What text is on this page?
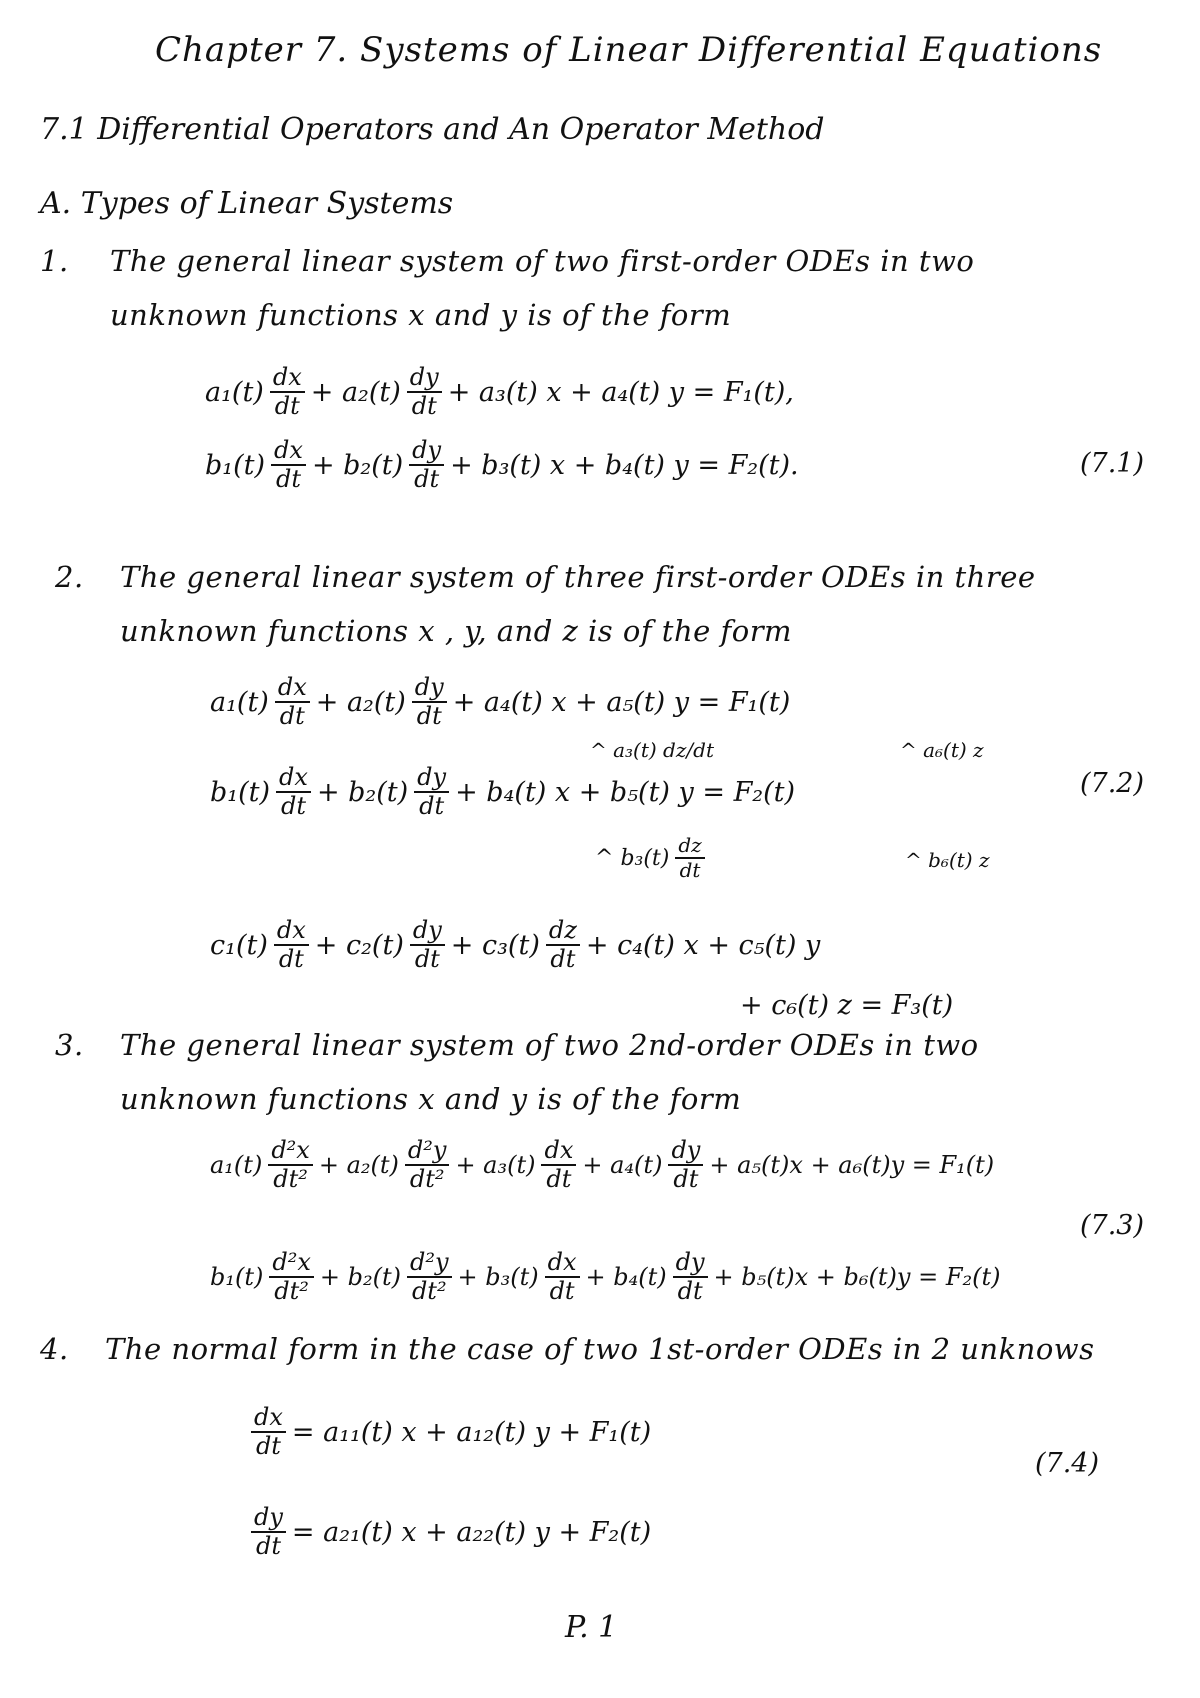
Chapter 7. Systems of Linear Differential Equations
7.1 Differential Operators and An Operator Method
A. Types of Linear Systems
1. The general linear system of two first-order ODEs in two
unknown functions x and y is of the form
$a_1(t) \frac{dx}{dt} + a_2(t) \frac{dy}{dt} + a_3(t) x + a_4(t) y = F_1(t)$,
$b_1(t) \frac{dx}{dt} + b_2(t) \frac{dy}{dt} + b_3(t) x + b_4(t) y = F_2(t)$.	(7.1)
2. The general linear system of three first-order ODEs in three
unknown functions x , y, and z is of the form
$a_1(t) \frac{dx}{dt} + a_2(t) \frac{dy}{dt} + a_4(t) x + a_5(t) y = F_1(t)$
^ a₃(t) dz/dt	^ a₆(t) z
$b_1(t) \frac{dx}{dt} + b_2(t) \frac{dy}{dt} + b_4(t) x + b_5(t) y = F_2(t)$	(7.2)
^ $b_3(t) \frac{dz}{dt}$	^ b₆(t) z
$c_1(t) \frac{dx}{dt} + c_2(t) \frac{dy}{dt} + c_3(t) \frac{dz}{dt} + c_4(t) x + c_5(t)$ y
+ c₆(t) z = F₃(t)
3. The general linear system of two 2nd-order ODEs in two
unknown functions x and y is of the form
$a_1(t) \frac{\text{d²x}}{\text{dt²}} + a_2(t) \frac{\text{d²y}}{\text{dt²}} + a_3(t) \frac{dx}{dt} + a_4(t) \frac{dy}{dt} + a_5(t)x + a_6(t)y = F_1(t)$
(7.3)
$b_1(t) \frac{\text{d²x}}{\text{dt²}} + b_2(t) \frac{\text{d²y}}{\text{dt²}} + b_3(t) \frac{dx}{dt} + b_4(t) \frac{dy}{dt} + b_5(t)x + b_6(t)y = F_2(t)$
4. The normal form in the case of two 1st-order ODEs in 2 unknows
$\frac{dx}{dt} = a_{11}(t) x + a_{12}(t) y + F_1(t)$
(7.4)
$\frac{dy}{dt} = a_{21}(t) x + a_{22}(t) y + F_2(t)$
P. 1
